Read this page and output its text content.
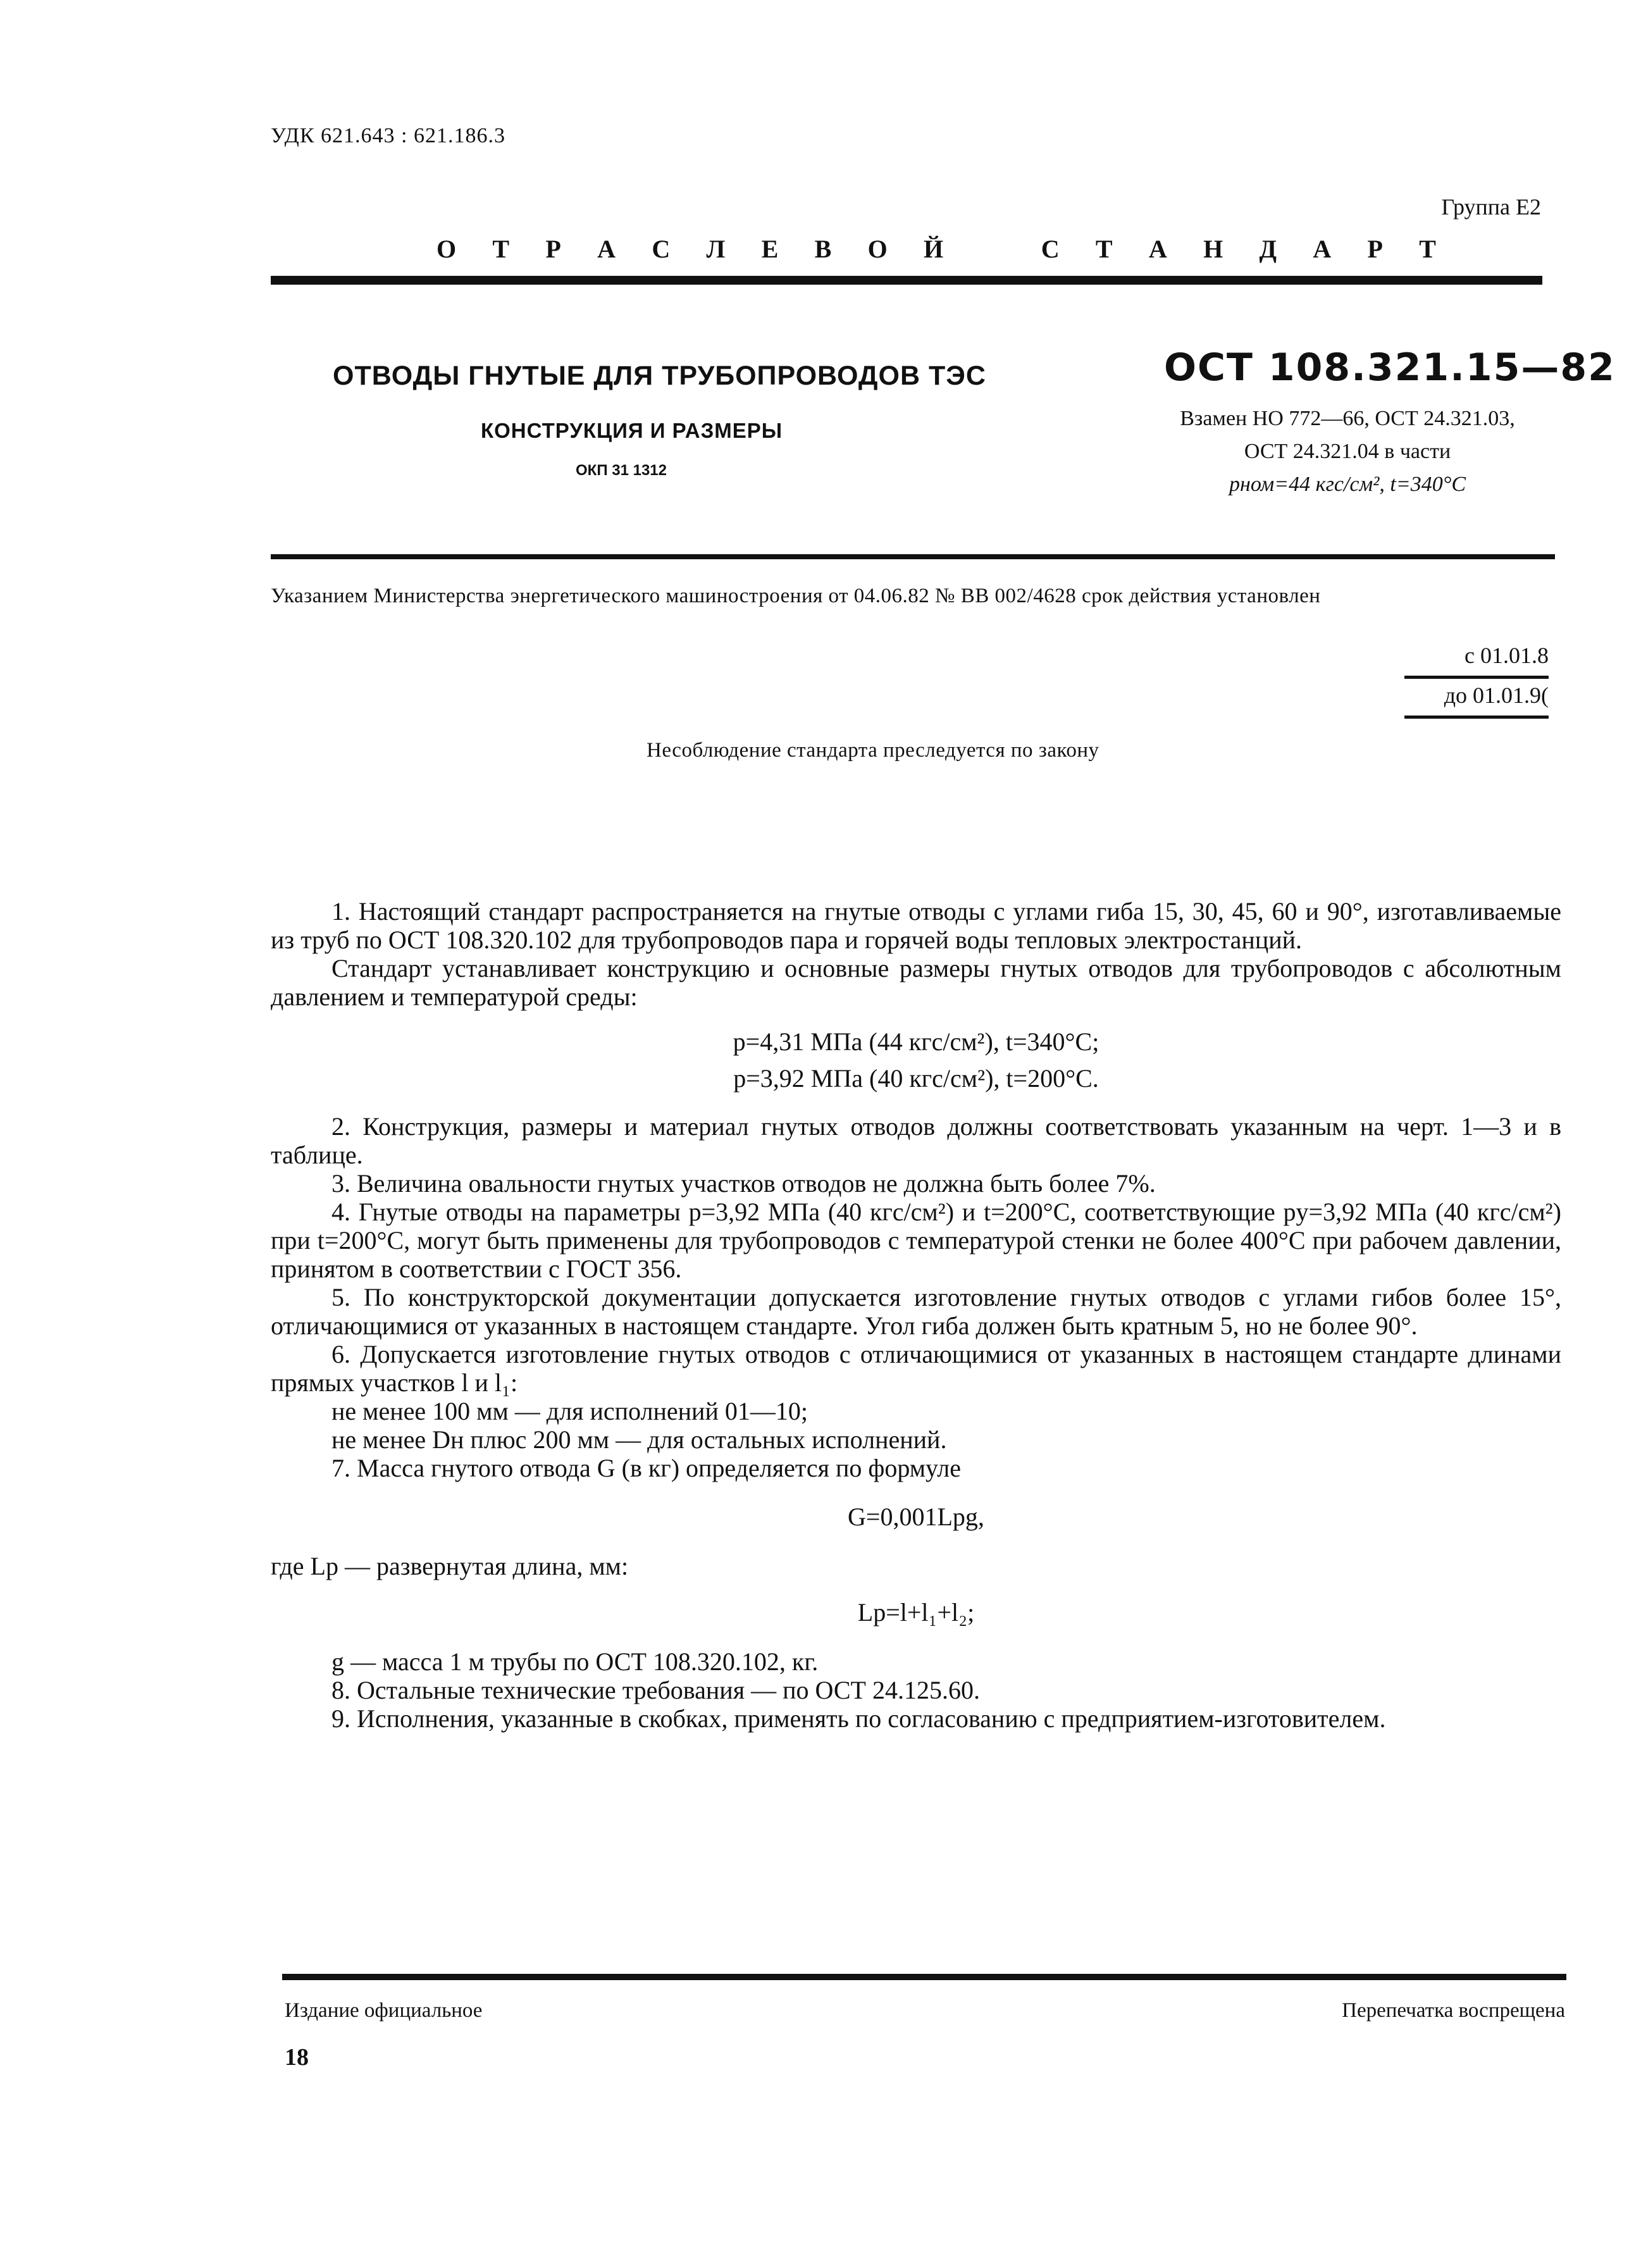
УДК 621.643 : 621.186.3
Группа Е2
О Т Р А С Л Е В О Й	С Т А Н Д А Р Т
ОТВОДЫ ГНУТЫЕ ДЛЯ ТРУБОПРОВОДОВ ТЭС
КОНСТРУКЦИЯ И РАЗМЕРЫ
ОКП 31 1312
ОСТ 108.321.15—82
Взамен НО 772—66, ОСТ 24.321.03,
ОСТ 24.321.04 в части
pном=44 кгс/см², t=340°C
Указанием Министерства энергетического машиностроения от 04.06.82 № ВВ 002/4628 срок действия установлен
с 01.01.8
до 01.01.9(
Несоблюдение стандарта преследуется по закону

1. Настоящий стандарт распространяется на гнутые отводы с углами гиба 15, 30, 45, 60 и 90°, изготавливаемые из труб по ОСТ 108.320.102 для трубопроводов пара и горячей воды тепловых электростанций.

Стандарт устанавливает конструкцию и основные размеры гнутых отводов для трубопроводов с абсолютным давлением и температурой среды:

p=4,31 МПа (44 кгс/см²), t=340°C;

p=3,92 МПа (40 кгс/см²), t=200°C.

2. Конструкция, размеры и материал гнутых отводов должны соответствовать указанным на черт. 1—3 и в таблице.

3. Величина овальности гнутых участков отводов не должна быть более 7%.

4. Гнутые отводы на параметры p=3,92 МПа (40 кгс/см²) и t=200°C, соответствующие pу=3,92 МПа (40 кгс/см²) при t=200°C, могут быть применены для трубопроводов с температурой стенки не более 400°C при рабочем давлении, принятом в соответствии с ГОСТ 356.

5. По конструкторской документации допускается изготовление гнутых отводов с углами гибов более 15°, отличающимися от указанных в настоящем стандарте. Угол гиба должен быть кратным 5, но не более 90°.

6. Допускается изготовление гнутых отводов с отличающимися от указанных в настоящем стандарте длинами прямых участков l и l₁:

не менее 100 мм — для исполнений 01—10;

не менее Dн плюс 200 мм — для остальных исполнений.

7. Масса гнутого отвода G (в кг) определяется по формуле

G=0,001Lрg,

где Lр — развернутая длина, мм:

Lр=l+l₁+l₂;

g — масса 1 м трубы по ОСТ 108.320.102, кг.

8. Остальные технические требования — по ОСТ 24.125.60.

9. Исполнения, указанные в скобках, применять по согласованию с предприятием-изготовителем.

Издание официальное	Перепечатка воспрещена
18
